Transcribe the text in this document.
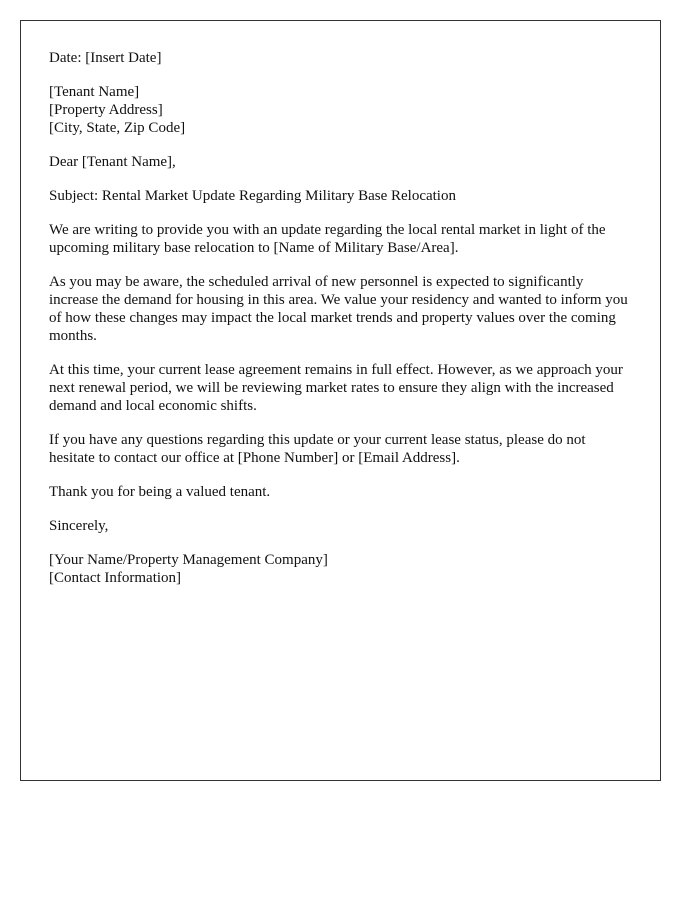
Date: [Insert Date]

[Tenant Name]
[Property Address]
[City, State, Zip Code]

Dear [Tenant Name],

Subject: Rental Market Update Regarding Military Base Relocation

We are writing to provide you with an update regarding the local rental market in light of the upcoming military base relocation to [Name of Military Base/Area].

As you may be aware, the scheduled arrival of new personnel is expected to significantly increase the demand for housing in this area. We value your residency and wanted to inform you of how these changes may impact the local market trends and property values over the coming months.

At this time, your current lease agreement remains in full effect. However, as we approach your next renewal period, we will be reviewing market rates to ensure they align with the increased demand and local economic shifts.

If you have any questions regarding this update or your current lease status, please do not hesitate to contact our office at [Phone Number] or [Email Address].

Thank you for being a valued tenant.

Sincerely,

[Your Name/Property Management Company]
[Contact Information]
